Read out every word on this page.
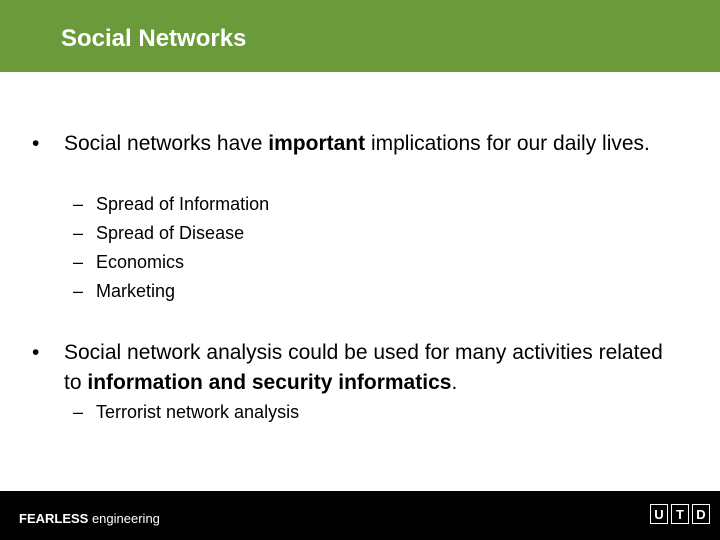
Social Networks
• Social networks have important implications for our daily lives.
– Spread of Information
– Spread of Disease
– Economics
– Marketing
• Social network analysis could be used for many activities related to information and security informatics.
– Terrorist network analysis
FEARLESS engineering	U T D
